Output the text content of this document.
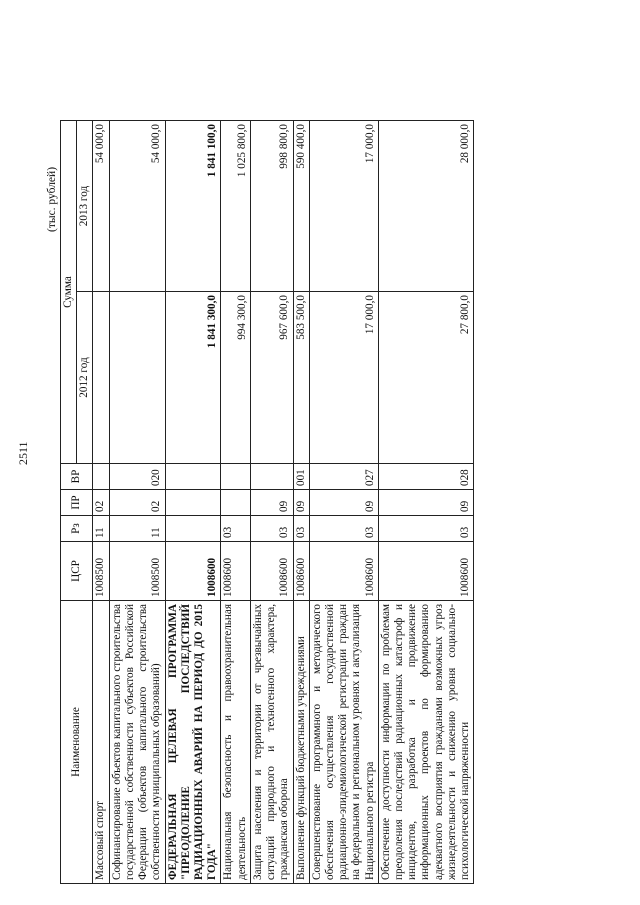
2511
(тыс. рублей)
Наименование	ЦСР	Рз	ПР	ВР	Сумма	
					2012 год	2013 год
Массовый спорт	1008500	11	02			54 000,0
Софинансирование объектов капитального строительства государственной собственности субъектов Российской Федерации (объектов капитального строительства собственности муниципальных образований)	1008500	11	02	020		54 000,0
ФЕДЕРАЛЬНАЯ ЦЕЛЕВАЯ ПРОГРАММА "ПРЕОДОЛЕНИЕ ПОСЛЕДСТВИЙ РАДИАЦИОННЫХ АВАРИЙ НА ПЕРИОД ДО 2015 ГОДА"	1008600				1 841 300,0	1 841 100,0
Национальная безопасность и правоохранительная деятельность	1008600	03			994 300,0	1 025 800,0
Защита населения и территории от чрезвычайных ситуаций природного и техногенного характера, гражданская оборона	1008600	03	09		967 600,0	998 800,0
Выполнение функций бюджетными учреждениями	1008600	03	09	001	583 500,0	590 400,0
Совершенствование программного и методического обеспечения осуществления государственной радиационно-эпидемиологической регистрации граждан на федеральном и региональном уровнях и актуализация Национального регистра	1008600	03	09	027	17 000,0	17 000,0
Обеспечение доступности информации по проблемам преодоления последствий радиационных катастроф и инцидентов, разработка и продвижение информационных проектов по формированию адекватного восприятия гражданами возможных угроз жизнедеятельности и снижению уровня социально-психологической напряженности	1008600	03	09	028	27 800,0	28 000,0
